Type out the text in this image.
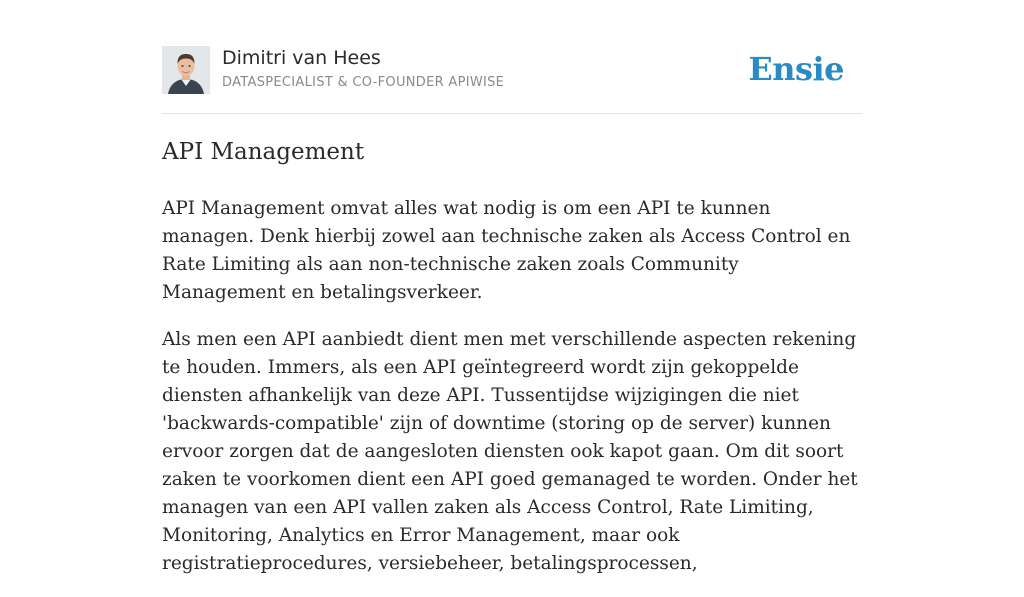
Dimitri van Hees
DATASPECIALIST & CO-FOUNDER APIWISE	Ensie
API Management

API Management omvat alles wat nodig is om een API te kunnen managen. Denk hierbij zowel aan technische zaken als Access Control en Rate Limiting als aan non-technische zaken zoals Community Management en betalingsverkeer.

Als men een API aanbiedt dient men met verschillende aspecten rekening te houden. Immers, als een API geïntegreerd wordt zijn gekoppelde diensten afhankelijk van deze API. Tussentijdse wijzigingen die niet 'backwards-compatible' zijn of downtime (storing op de server) kunnen ervoor zorgen dat de aangesloten diensten ook kapot gaan. Om dit soort zaken te voorkomen dient een API goed gemanaged te worden. Onder het managen van een API vallen zaken als Access Control, Rate Limiting, Monitoring, Analytics en Error Management, maar ook registratieprocedures, versiebeheer, betalingsprocessen,
